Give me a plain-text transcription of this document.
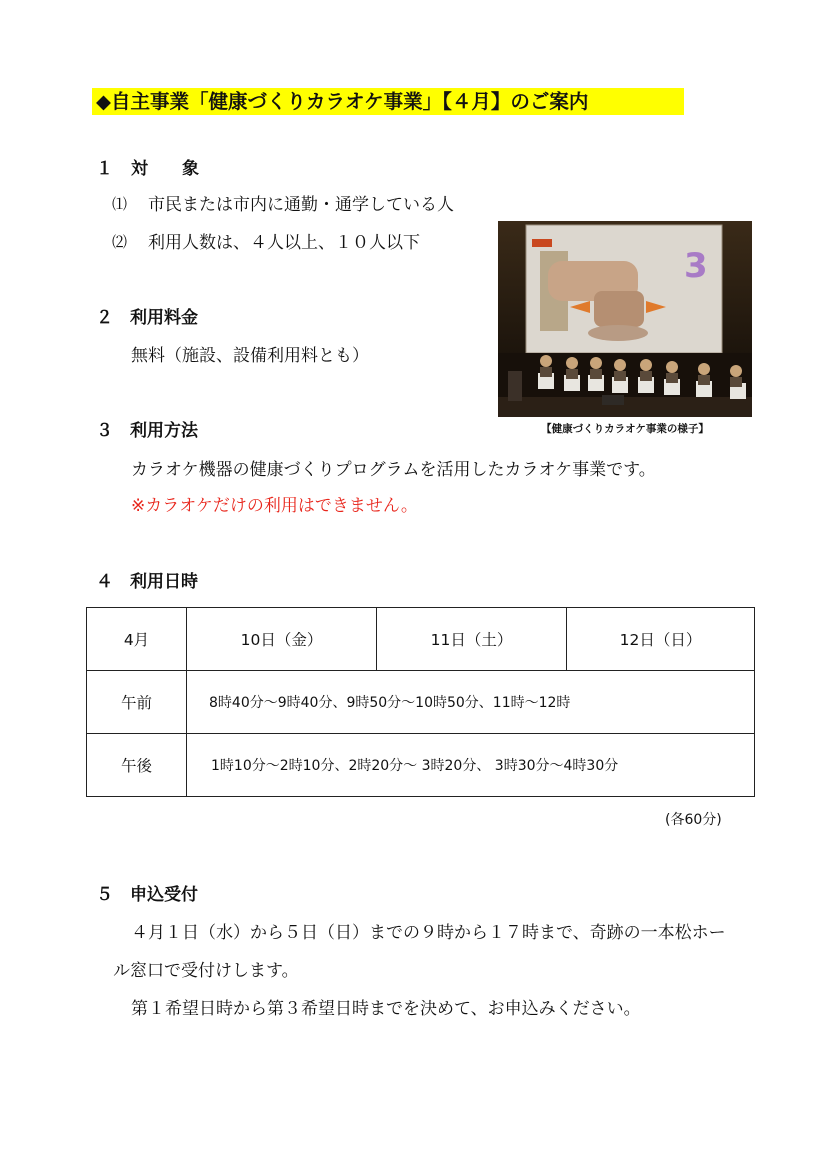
◆自主事業「健康づくりカラオケ事業」【４月】のご案内
１ 対　　象
⑴ 市民または市内に通勤・通学している人
⑵ 利用人数は、４人以上、１０人以下
２　利用料金
無料（施設、設備利用料とも）
3
【健康づくりカラオケ事業の様子】
３　利用方法
カラオケ機器の健康づくりプログラムを活用したカラオケ事業です。
※カラオケだけの利用はできません。
４　利用日時
4月	10日（金）	11日（土）	12日（日）
午前	8時40分～9時40分、9時50分～10時50分、11時～12時		
午後	1時10分～2時10分、2時20分～ 3時20分、 3時30分～4時30分		
(各60分)
５　申込受付
４月１日（水）から５日（日）までの９時から１７時まで、奇跡の一本松ホー
ル窓口で受付けします。
第１希望日時から第３希望日時までを決めて、お申込みください。
